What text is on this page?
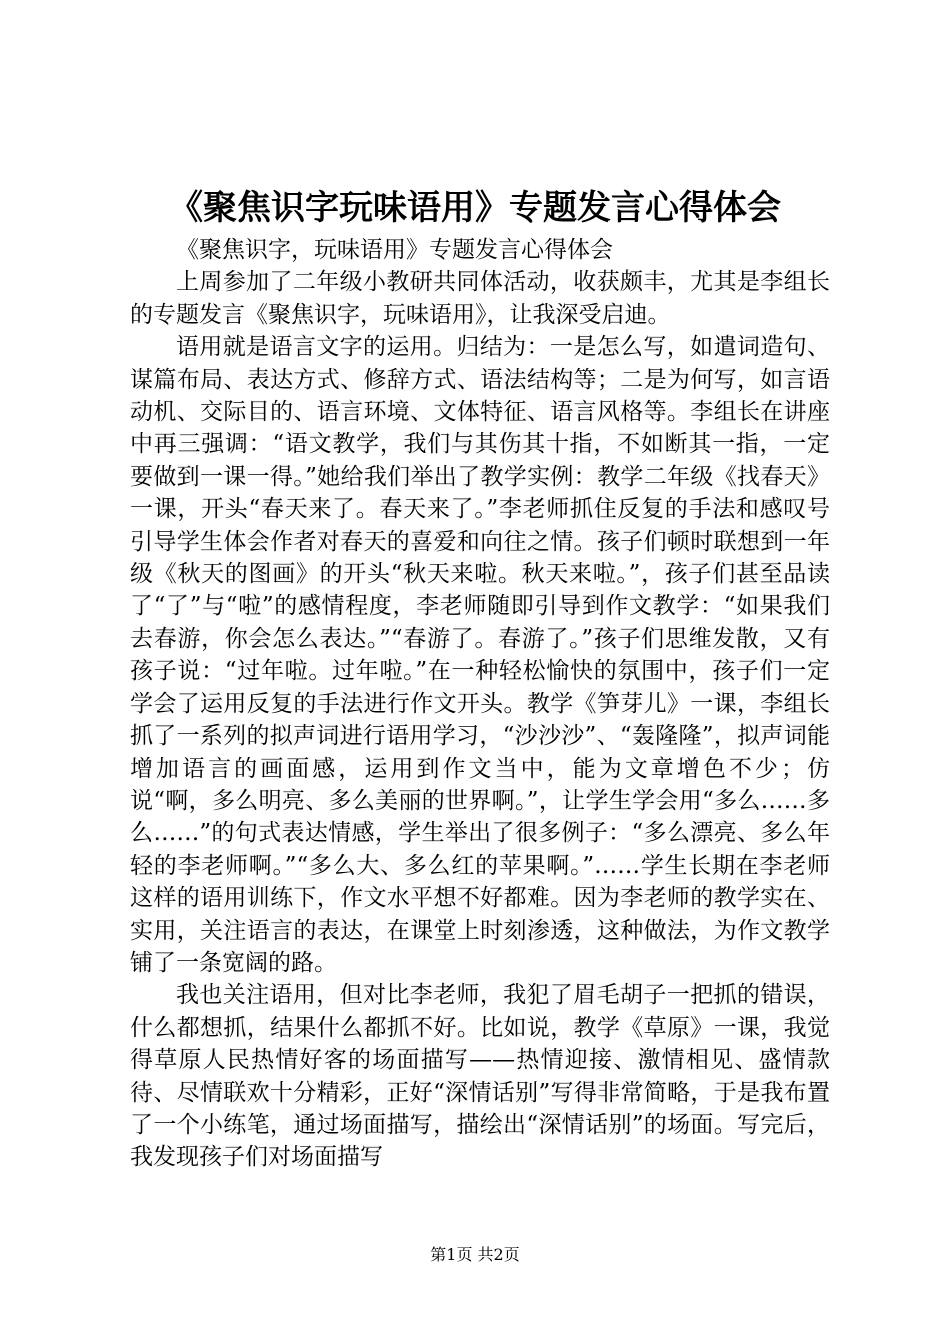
《聚焦识字玩味语用》专题发言心得体会

《聚焦识字，玩味语用》专题发言心得体会

上周参加了二年级小教研共同体活动，收获颇丰，尤其是李组长的专题发言《聚焦识字，玩味语用》，让我深受启迪。

语用就是语言文字的运用。归结为：一是怎么写，如遣词造句、谋篇布局、表达方式、修辞方式、语法结构等；二是为何写，如言语动机、交际目的、语言环境、文体特征、语言风格等。李组长在讲座中再三强调：“语文教学，我们与其伤其十指，不如断其一指，一定要做到一课一得。”她给我们举出了教学实例：教学二年级《找春天》一课，开头“春天来了。春天来了。”李老师抓住反复的手法和感叹号引导学生体会作者对春天的喜爱和向往之情。孩子们顿时联想到一年级《秋天的图画》的开头“秋天来啦。秋天来啦。”，孩子们甚至品读了“了”与“啦”的感情程度，李老师随即引导到作文教学：“如果我们去春游，你会怎么表达。”“春游了。春游了。”孩子们思维发散，又有孩子说：“过年啦。过年啦。”在一种轻松愉快的氛围中，孩子们一定学会了运用反复的手法进行作文开头。教学《笋芽儿》一课，李组长抓了一系列的拟声词进行语用学习，“沙沙沙”、“轰隆隆”，拟声词能增加语言的画面感，运用到作文当中，能为文章增色不少；仿说“啊，多么明亮、多么美丽的世界啊。”，让学生学会用“多么……多么……”的句式表达情感，学生举出了很多例子：“多么漂亮、多么年轻的李老师啊。”“多么大、多么红的苹果啊。”……学生长期在李老师这样的语用训练下，作文水平想不好都难。因为李老师的教学实在、实用，关注语言的表达，在课堂上时刻渗透，这种做法，为作文教学铺了一条宽阔的路。

我也关注语用，但对比李老师，我犯了眉毛胡子一把抓的错误，什么都想抓，结果什么都抓不好。比如说，教学《草原》一课，我觉得草原人民热情好客的场面描写——热情迎接、激情相见、盛情款待、尽情联欢十分精彩，正好“深情话别”写得非常简略，于是我布置了一个小练笔，通过场面描写，描绘出“深情话别”的场面。写完后，我发现孩子们对场面描写

第1页 共2页
